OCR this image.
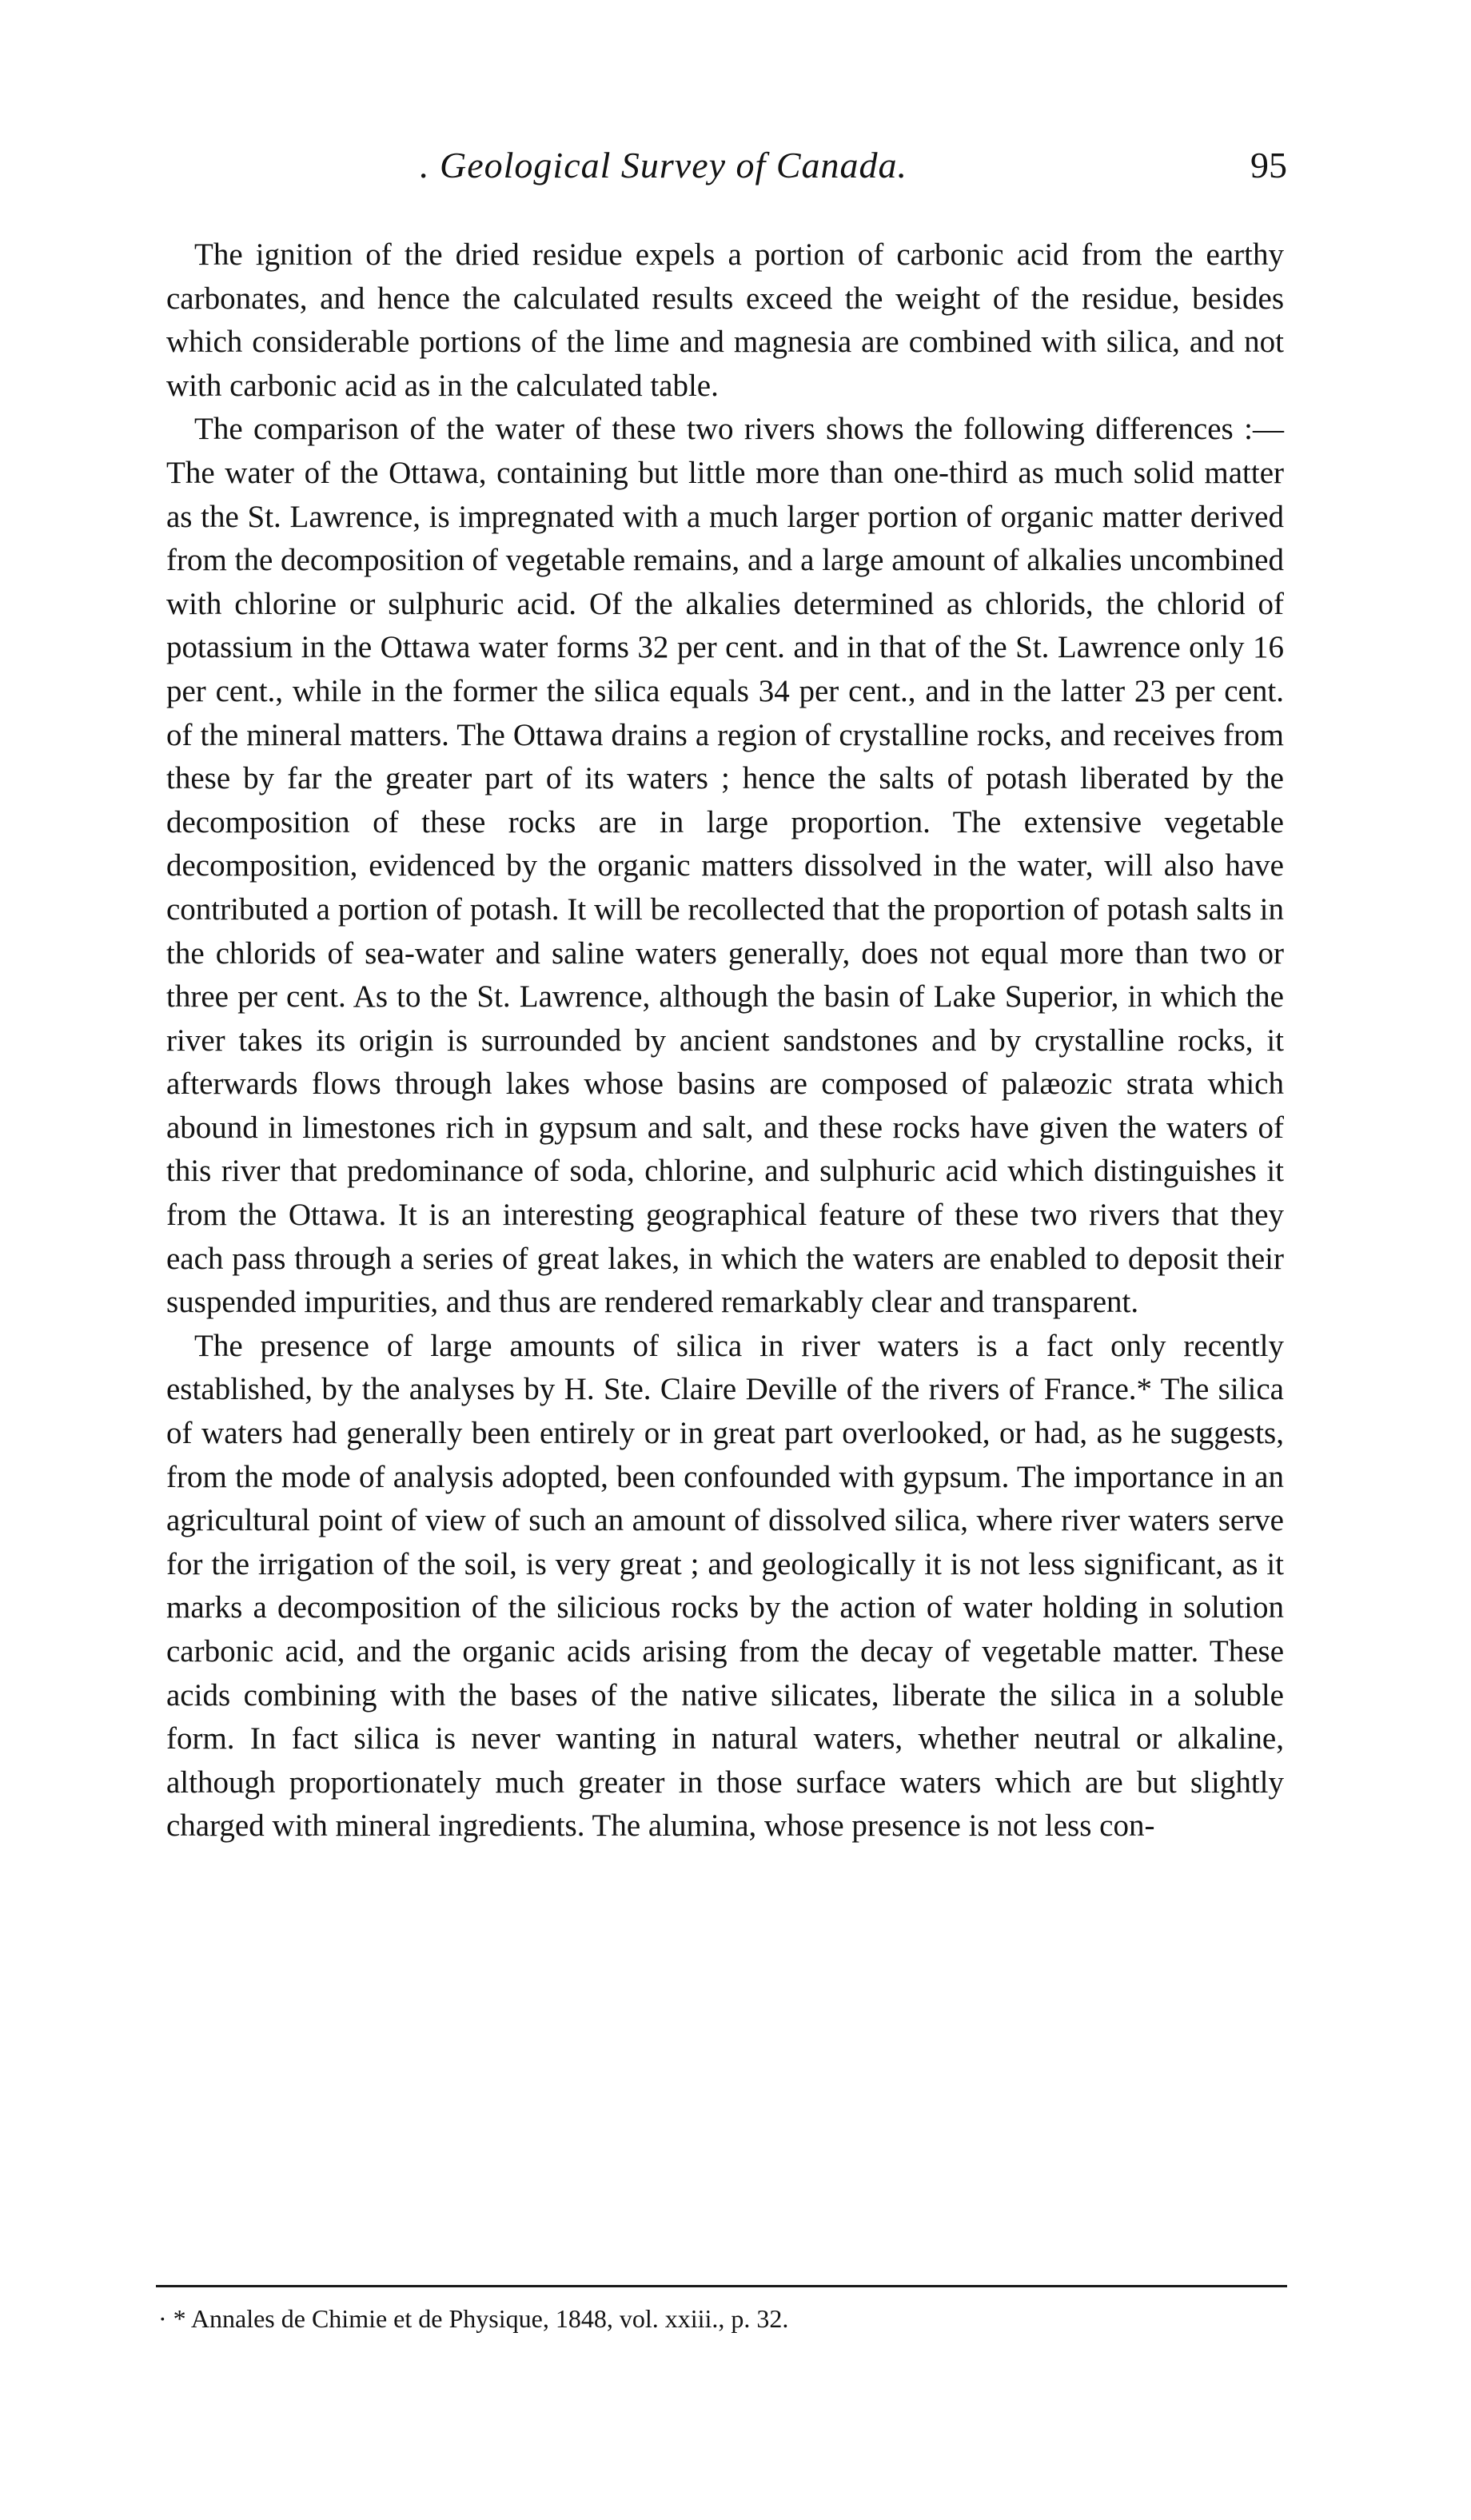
. Geological Survey of Canada.	95

The ignition of the dried residue expels a portion of carbonic acid from the earthy carbonates, and hence the calculated results exceed the weight of the residue, besides which considerable portions of the lime and magnesia are combined with silica, and not with carbonic acid as in the calculated table.

The comparison of the water of these two rivers shows the following differences :—The water of the Ottawa, containing but little more than one-third as much solid matter as the St. Lawrence, is impregnated with a much larger portion of organic matter derived from the decomposition of vegetable remains, and a large amount of alkalies uncombined with chlorine or sulphuric acid. Of the alkalies determined as chlorids, the chlorid of potassium in the Ottawa water forms 32 per cent. and in that of the St. Lawrence only 16 per cent., while in the former the silica equals 34 per cent., and in the latter 23 per cent. of the mineral matters. The Ottawa drains a region of crystalline rocks, and receives from these by far the greater part of its waters ; hence the salts of potash liberated by the decomposition of these rocks are in large proportion. The extensive vegetable decomposition, evidenced by the organic matters dissolved in the water, will also have contributed a portion of potash. It will be recollected that the proportion of potash salts in the chlorids of sea-water and saline waters generally, does not equal more than two or three per cent. As to the St. Lawrence, although the basin of Lake Superior, in which the river takes its origin is surrounded by ancient sandstones and by crystalline rocks, it afterwards flows through lakes whose basins are composed of palæozic strata which abound in limestones rich in gypsum and salt, and these rocks have given the waters of this river that predominance of soda, chlorine, and sulphuric acid which distinguishes it from the Ottawa. It is an interesting geographical feature of these two rivers that they each pass through a series of great lakes, in which the waters are enabled to deposit their suspended impurities, and thus are rendered remarkably clear and transparent.

The presence of large amounts of silica in river waters is a fact only recently established, by the analyses by H. Ste. Claire Deville of the rivers of France.* The silica of waters had generally been entirely or in great part overlooked, or had, as he suggests, from the mode of analysis adopted, been confounded with gypsum. The importance in an agricultural point of view of such an amount of dissolved silica, where river waters serve for the irrigation of the soil, is very great ; and geologically it is not less significant, as it marks a decomposition of the silicious rocks by the action of water holding in solution carbonic acid, and the organic acids arising from the decay of vegetable matter. These acids combining with the bases of the native silicates, liberate the silica in a soluble form. In fact silica is never wanting in natural waters, whether neutral or alkaline, although proportionately much greater in those surface waters which are but slightly charged with mineral ingredients. The alumina, whose presence is not less con-

· * Annales de Chimie et de Physique, 1848, vol. xxiii., p. 32.
